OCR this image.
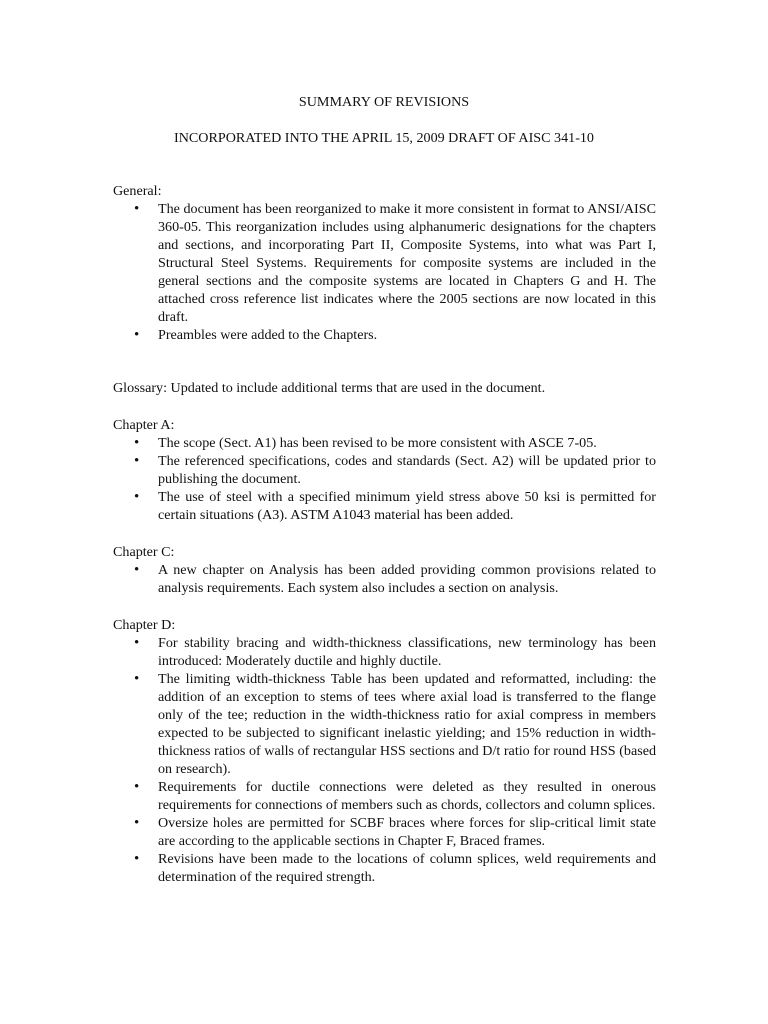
SUMMARY OF REVISIONS
INCORPORATED INTO THE APRIL 15, 2009 DRAFT OF AISC 341-10

General:

• The document has been reorganized to make it more consistent in format to ANSI/AISC 360-05. This reorganization includes using alphanumeric designations for the chapters and sections, and incorporating Part II, Composite Systems, into what was Part I, Structural Steel Systems. Requirements for composite systems are included in the general sections and the composite systems are located in Chapters G and H. The attached cross reference list indicates where the 2005 sections are now located in this draft.
• Preambles were added to the Chapters.

Glossary: Updated to include additional terms that are used in the document.

Chapter A:

• The scope (Sect. A1) has been revised to be more consistent with ASCE 7-05.
• The referenced specifications, codes and standards (Sect. A2) will be updated prior to publishing the document.
• The use of steel with a specified minimum yield stress above 50 ksi is permitted for certain situations (A3). ASTM A1043 material has been added.

Chapter C:

• A new chapter on Analysis has been added providing common provisions related to analysis requirements. Each system also includes a section on analysis.

Chapter D:

• For stability bracing and width-thickness classifications, new terminology has been introduced: Moderately ductile and highly ductile.
• The limiting width-thickness Table has been updated and reformatted, including: the addition of an exception to stems of tees where axial load is transferred to the flange only of the tee; reduction in the width-thickness ratio for axial compress in members expected to be subjected to significant inelastic yielding; and 15% reduction in width-thickness ratios of walls of rectangular HSS sections and D/t ratio for round HSS (based on research).
• Requirements for ductile connections were deleted as they resulted in onerous requirements for connections of members such as chords, collectors and column splices.
• Oversize holes are permitted for SCBF braces where forces for slip-critical limit state are according to the applicable sections in Chapter F, Braced frames.
• Revisions have been made to the locations of column splices, weld requirements and determination of the required strength.
